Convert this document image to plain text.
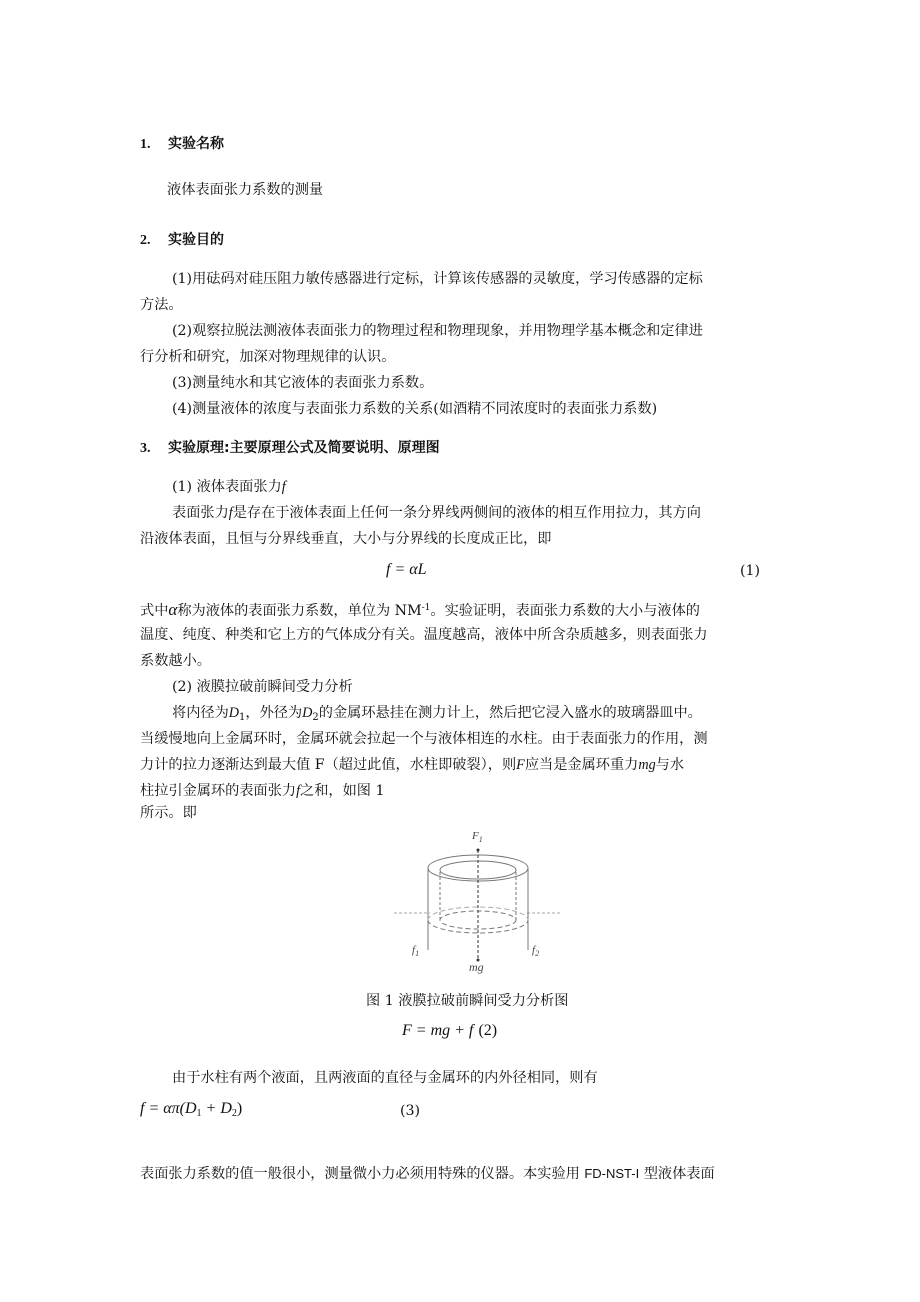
1. 实验名称
液体表面张力系数的测量
2. 实验目的
(1)用砝码对硅压阻力敏传感器进行定标，计算该传感器的灵敏度，学习传感器的定标
方法。
(2)观察拉脱法测液体表面张力的物理过程和物理现象，并用物理学基本概念和定律进
行分析和研究，加深对物理规律的认识。
(3)测量纯水和其它液体的表面张力系数。
(4)测量液体的浓度与表面张力系数的关系(如酒精不同浓度时的表面张力系数)
3. 实验原理:主要原理公式及简要说明、原理图
(1) 液体表面张力f
表面张力f是存在于液体表面上任何一条分界线两侧间的液体的相互作用拉力，其方向
沿液体表面，且恒与分界线垂直，大小与分界线的长度成正比，即
f = αL	(1)
式中α称为液体的表面张力系数，单位为 $NM^{-1}$。实验证明，表面张力系数的大小与液体的
温度、纯度、种类和它上方的气体成分有关。温度越高，液体中所含杂质越多，则表面张力
系数越小。
(2) 液膜拉破前瞬间受力分析
将内径为$D_1$，外径为$D_2$的金属环悬挂在测力计上，然后把它浸入盛水的玻璃器皿中。
当缓慢地向上金属环时，金属环就会拉起一个与液体相连的水柱。由于表面张力的作用，测
力计的拉力逐渐达到最大值 F（超过此值，水柱即破裂），则F应当是金属环重力mg与水
柱拉引金属环的表面张力f之和，如图 1
所示。即
$F_1$
$f_1$	$f_2$
mg
图 1 液膜拉破前瞬间受力分析图
F = mg + f (2)
由于水柱有两个液面，且两液面的直径与金属环的内外径相同，则有
$f = \alpha\pi(D_1 + D_2)$	(3)
表面张力系数的值一般很小，测量微小力必须用特殊的仪器。本实验用 FD-NST-I 型液体表面
